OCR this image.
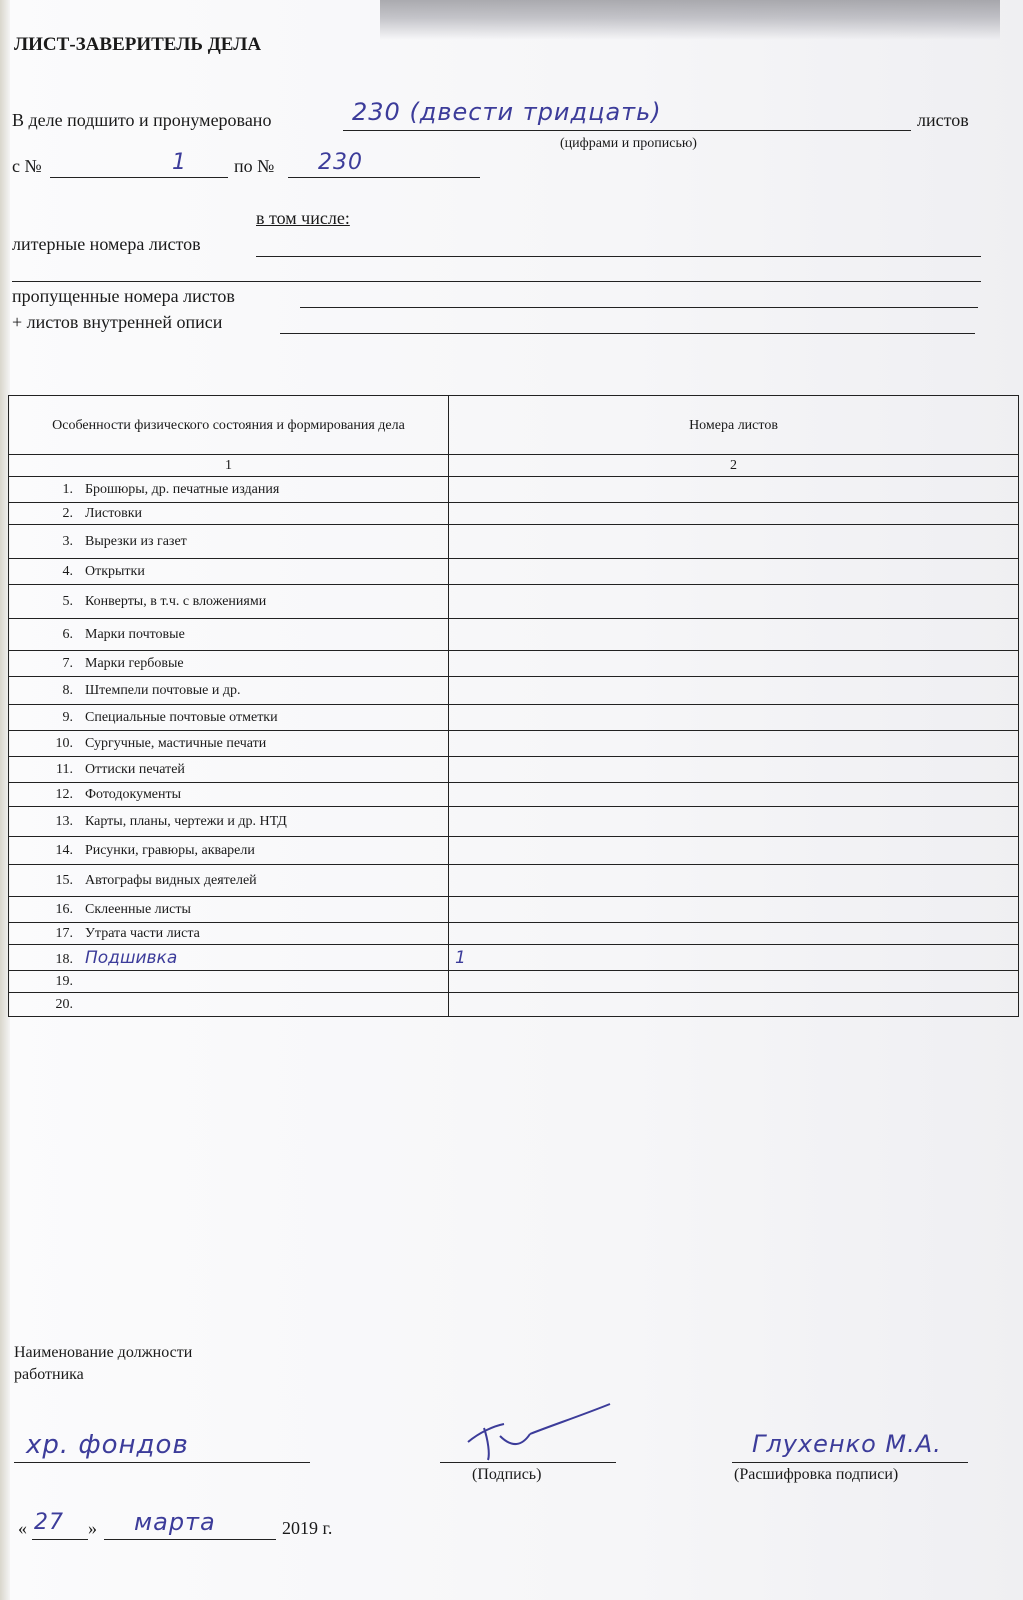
ЛИСТ-ЗАВЕРИТЕЛЬ ДЕЛА
В деле подшито и пронумеровано	230 (двести тридцать)	листов
(цифрами и прописью)
с №	1	по № 230
в том числе:
литерные номера листов
пропущенные номера листов
+ листов внутренней описи
Особенности физического состояния и формирования дела	Номера листов
1	2
1. Брошюры, др. печатные издания	
2. Листовки	
3. Вырезки из газет	
4. Открытки	
5. Конверты, в т.ч. с вложениями	
6. Марки почтовые	
7. Марки гербовые	
8. Штемпели почтовые и др.	
9. Специальные почтовые отметки	
10. Сургучные, мастичные печати	
11. Оттиски печатей	
12. Фотодокументы	
13. Карты, планы, чертежи и др. НТД	
14. Рисунки, гравюры, акварели	
15. Автографы видных деятелей	
16. Склеенные листы	
17. Утрата части листа	
18. Подшивка	1
19.	
20.	
Наименование должности
работника
хр. фондов
(Подпись)
Глухенко М.А.
(Расшифровка подписи)
« 27 » марта	2019 г.
